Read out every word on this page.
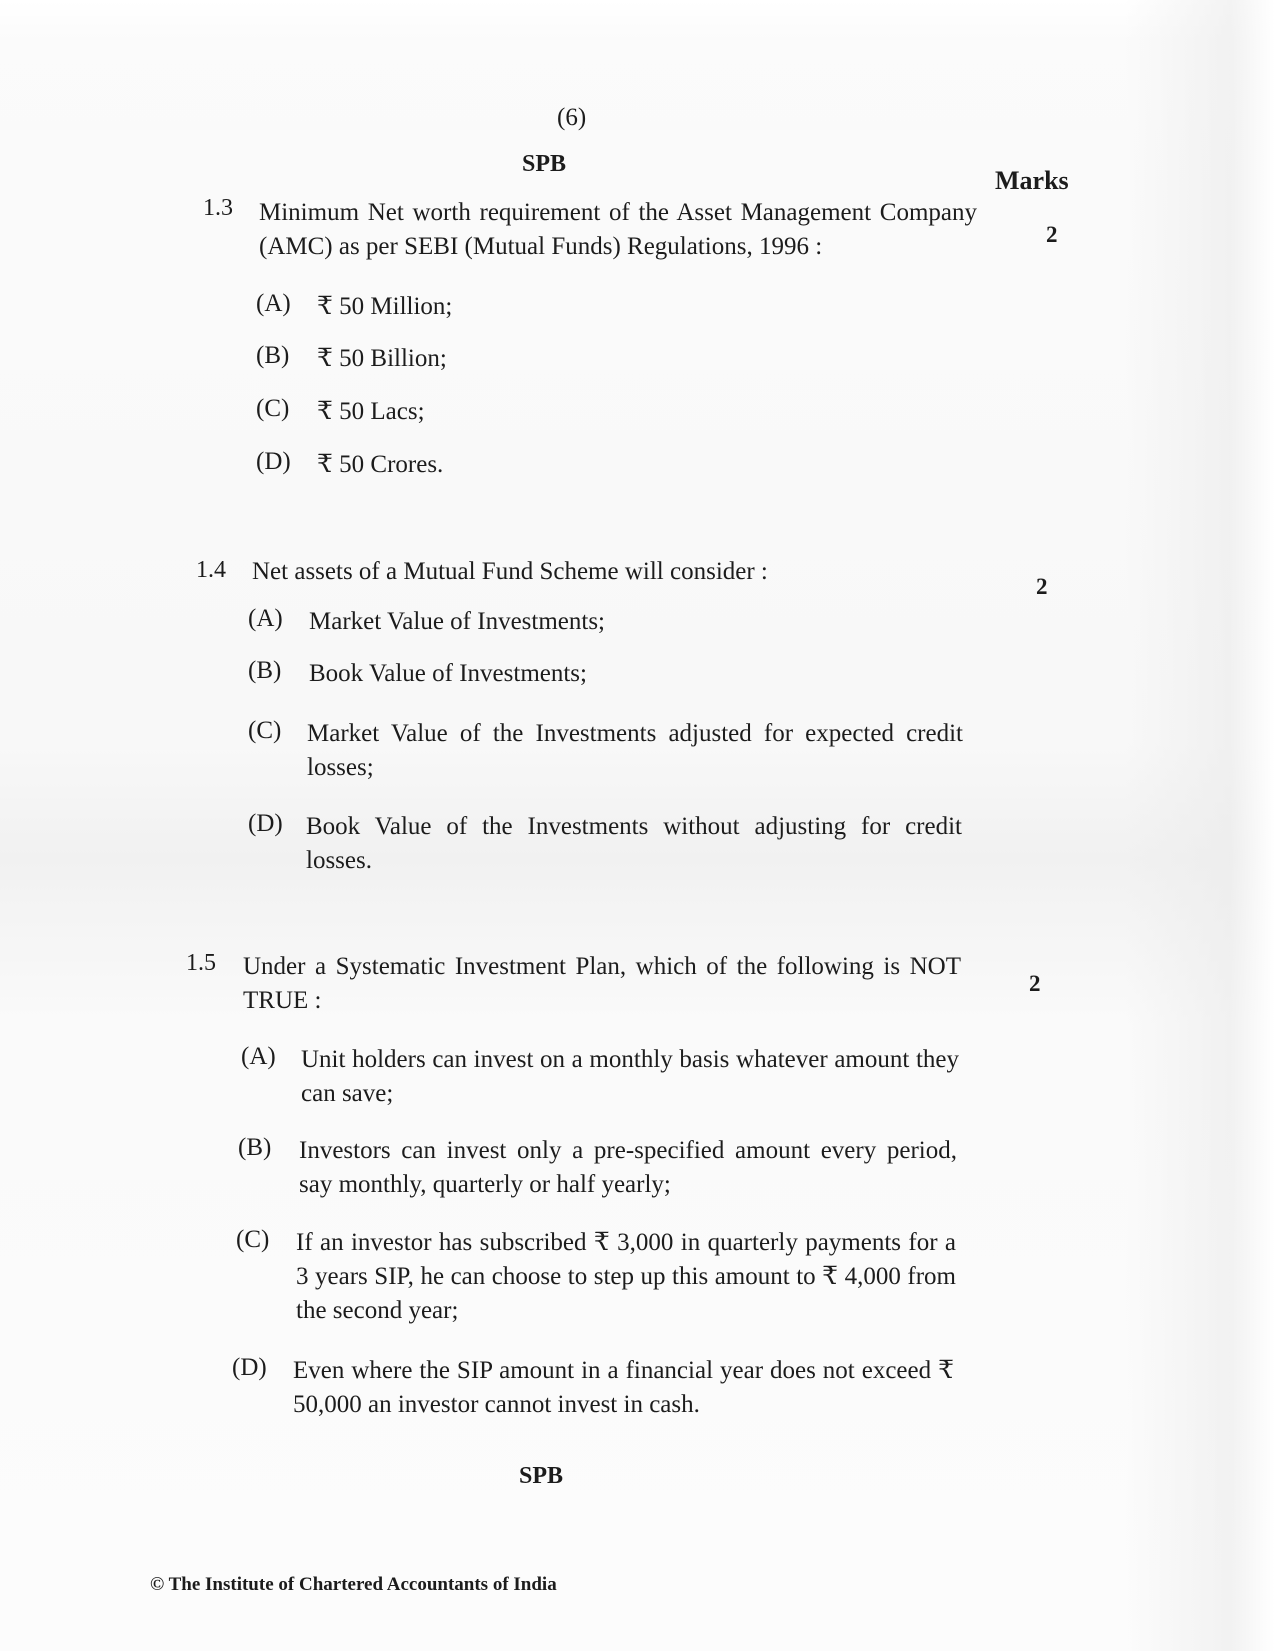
(6)
SPB
Marks
1.3 Minimum Net worth requirement of the Asset Management Company (AMC) as per SEBI (Mutual Funds) Regulations, 1996 :	2
(A) ₹ 50 Million;
(B) ₹ 50 Billion;
(C) ₹ 50 Lacs;
(D) ₹ 50 Crores.
1.4 Net assets of a Mutual Fund Scheme will consider :
2
(A) Market Value of Investments;
(B) Book Value of Investments;
(C) Market Value of the Investments adjusted for expected credit losses;
(D) Book Value of the Investments without adjusting for credit losses.
1.5 Under a Systematic Investment Plan, which of the following is NOT TRUE :
2
(A) Unit holders can invest on a monthly basis whatever amount they can save;
(B) Investors can invest only a pre-specified amount every period, say monthly, quarterly or half yearly;
(C) If an investor has subscribed ₹ 3,000 in quarterly payments for a 3 years SIP, he can choose to step up this amount to ₹ 4,000 from the second year;
(D) Even where the SIP amount in a financial year does not exceed ₹ 50,000 an investor cannot invest in cash.
SPB
© The Institute of Chartered Accountants of India
